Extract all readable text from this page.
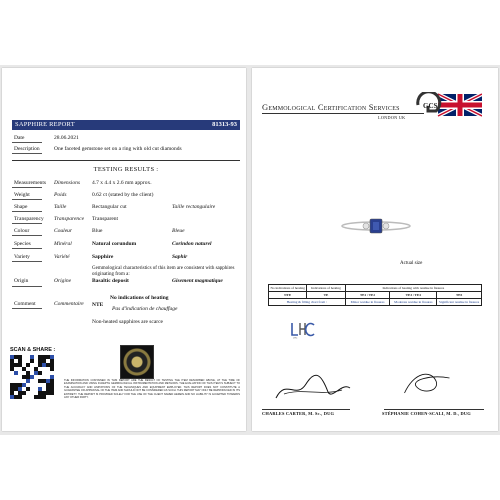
SAPPHIRE REPORT	81313-93
Date	28.06.2021
Description	One faceted gemstone set on a ring with old cut diamonds
TESTING RESULTS :
Measurements Dimensions 4.7 x 4.4 x 2.6 mm approx.
Weight	Poids	0.62 ct (stated by the client)
Shape	Taille	Rectangular cut	Taille rectangulaire
Transparency Transparence Transparent
Colour	Couleur	Blue	Bleue
Species	Minéral	Natural corundum	Corindon naturel
Variety	Variété	Sapphire	Saphir
Gemmological characteristics of this item are consistent with sapphires originating from a:
Origin	Origine	Basaltic deposit	Gisement magmatique
Comment	Commentaire NTE
No indications of heating
Pas d'indication de chauffage
Non-heated sapphires are scarce
SCAN & SHARE :
THE INFORMATION CONTAINED IN THIS REPORT ARE THE RESULT OF TESTING THE ITEM DESCRIBED ABOVE, AT THE TIME OF EXAMINATION AND USING IN-DEPTH GEMMOLOGICAL INSTRUMENTATION AND METHODS. THE EVALUATION OF THIS ITEM IS SUBJECT TO THE ACCURACY AND LIMITATIONS OF THE TECHNIQUES AND EQUIPMENT EMPLOYED. THIS REPORT DOES NOT CONSTITUTE A GUARANTEE OR APPRAISAL OF THE ITEM AND SHOULD NOT BE CONSIDERED AS SUCH. THIS REPORT MAY ONLY BE REPRODUCED IN ITS ENTIRETY. THE REPORT IS PROVIDED SOLELY FOR THE USE OF THE CLIENT NAMED HEREIN AND NO LIABILITY IS ACCEPTED TOWARDS ANY OTHER PARTY.
Gemmological Certification Services
LONDON UK
GCS
Actual size
No indications of heating	Indications of heating	Indications of heating with residue in fissures		
NTE	TE	TE1 / TE2	TE3 / TE4	TE5
Heating & filling chart from :		Minor residue in fissures	Moderate residue in fissures	Significant residue in fissures
LHC
CHARLES CARTER, M. Sc., DUG	STÉPHANIE COHEN-SCALI, M. D., DUG
